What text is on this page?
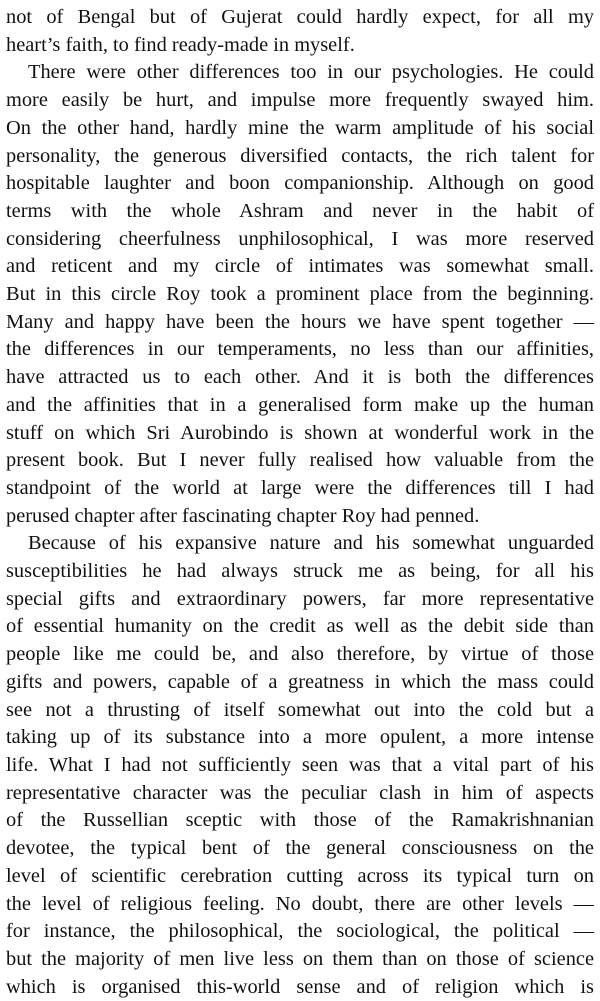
not of Bengal but of Gujerat could hardly expect, for all my
heart’s faith, to find ready-made in myself.
There were other differences too in our psychologies. He could
more easily be hurt, and impulse more frequently swayed him.
On the other hand, hardly mine the warm amplitude of his social
personality, the generous diversified contacts, the rich talent for
hospitable laughter and boon companionship. Although on good
terms with the whole Ashram and never in the habit of
considering cheerfulness unphilosophical, I was more reserved
and reticent and my circle of intimates was somewhat small.
But in this circle Roy took a prominent place from the beginning.
Many and happy have been the hours we have spent together —
the differences in our temperaments, no less than our affinities,
have attracted us to each other. And it is both the differences
and the affinities that in a generalised form make up the human
stuff on which Sri Aurobindo is shown at wonderful work in the
present book. But I never fully realised how valuable from the
standpoint of the world at large were the differences till I had
perused chapter after fascinating chapter Roy had penned.
Because of his expansive nature and his somewhat unguarded
susceptibilities he had always struck me as being, for all his
special gifts and extraordinary powers, far more representative
of essential humanity on the credit as well as the debit side than
people like me could be, and also therefore, by virtue of those
gifts and powers, capable of a greatness in which the mass could
see not a thrusting of itself somewhat out into the cold but a
taking up of its substance into a more opulent, a more intense
life. What I had not sufficiently seen was that a vital part of his
representative character was the peculiar clash in him of aspects
of the Russellian sceptic with those of the Ramakrishnanian
devotee, the typical bent of the general consciousness on the
level of scientific cerebration cutting across its typical turn on
the level of religious feeling. No doubt, there are other levels —
for instance, the philosophical, the sociological, the political —
but the majority of men live less on them than on those of science
which is organised this-world sense and of religion which is
